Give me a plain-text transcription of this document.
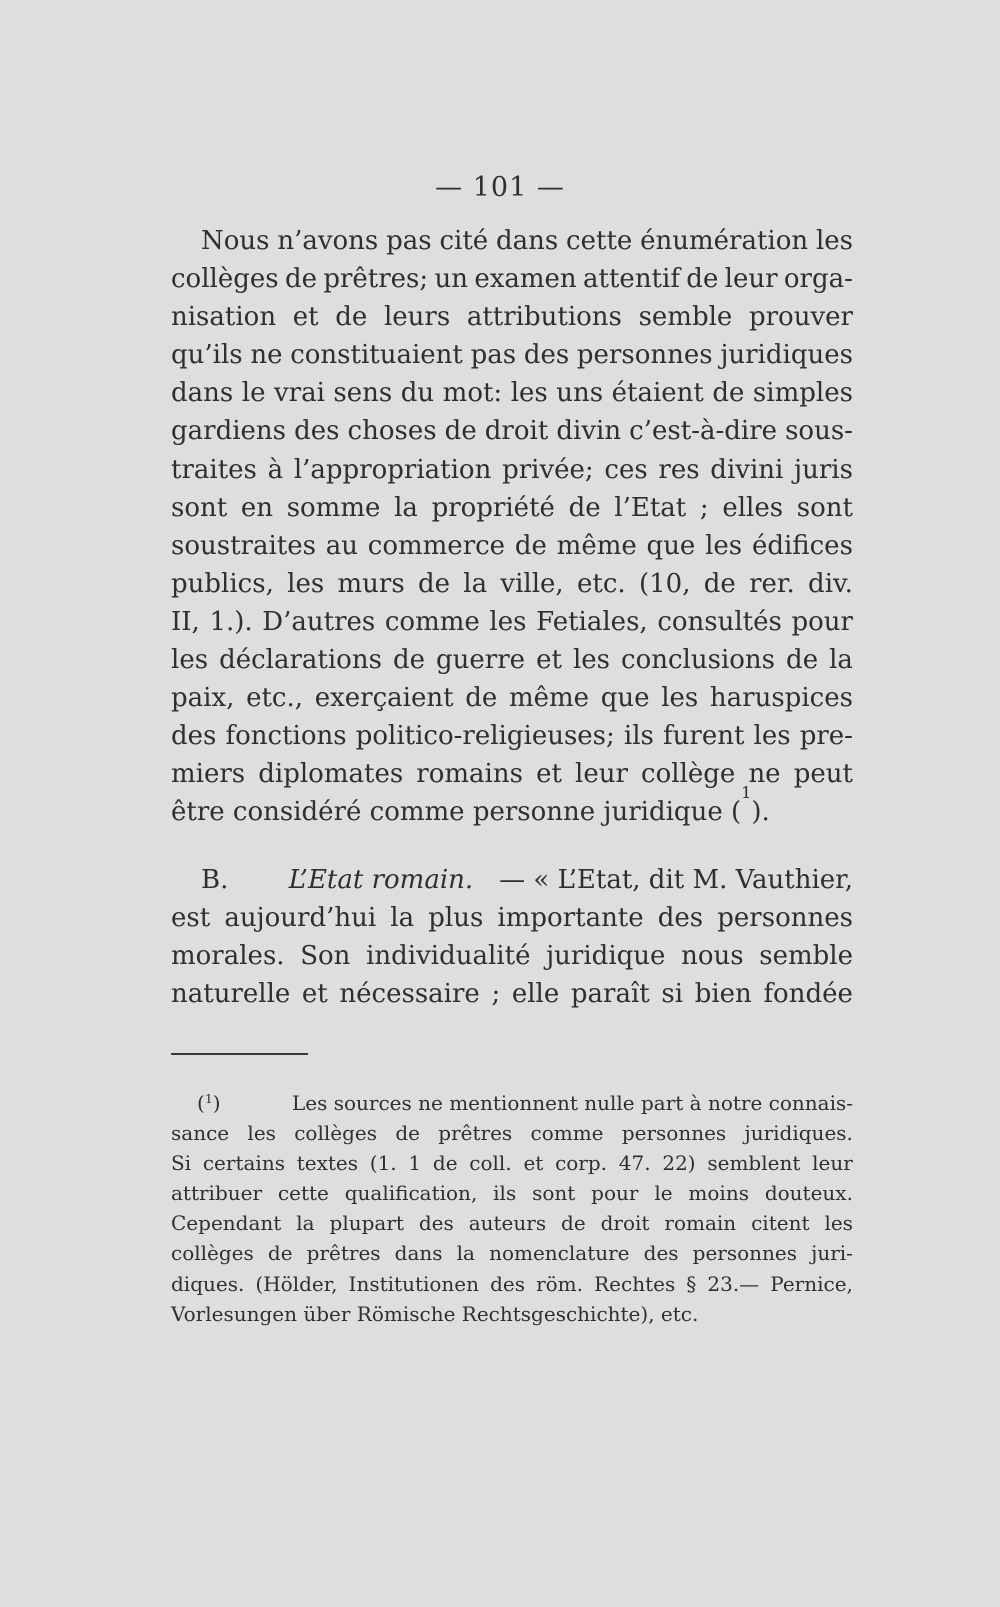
— 101 —
Nous n’avons pas cité dans cette énumération les
collèges de prêtres; un examen attentif de leur orga-
nisation et de leurs attributions semble prouver
qu’ils ne constituaient pas des personnes juridiques
dans le vrai sens du mot: les uns étaient de simples
gardiens des choses de droit divin c’est-à-dire sous-
traites à l’appropriation privée; ces res divini juris
sont en somme la propriété de l’Etat ; elles sont
soustraites au commerce de même que les édifices
publics, les murs de la ville, etc. (10, de rer. div.
II, 1.). D’autres comme les Fetiales, consultés pour
les déclarations de guerre et les conclusions de la
paix, etc., exerçaient de même que les haruspices
des fonctions politico-religieuses; ils furent les pre-
miers diplomates romains et leur collège ne peut
être considéré comme personne juridique (
1
).
B.
L’Etat romain. — « L’Etat, dit M. Vauthier,
est aujourd’hui la plus importante des personnes
morales. Son individualité juridique nous semble
naturelle et nécessaire ; elle paraît si bien fondée
($^1$)	Les sources ne mentionnent nulle part à notre connais-
sance les collèges de prêtres comme personnes juridiques.
Si certains textes (1. 1 de coll. et corp. 47. 22) semblent leur
attribuer cette qualification, ils sont pour le moins douteux.
Cependant la plupart des auteurs de droit romain citent les
collèges de prêtres dans la nomenclature des personnes juri-
diques. (Hölder, Institutionen des röm. Rechtes § 23.— Pernice,
Vorlesungen über Römische Rechtsgeschichte), etc.
